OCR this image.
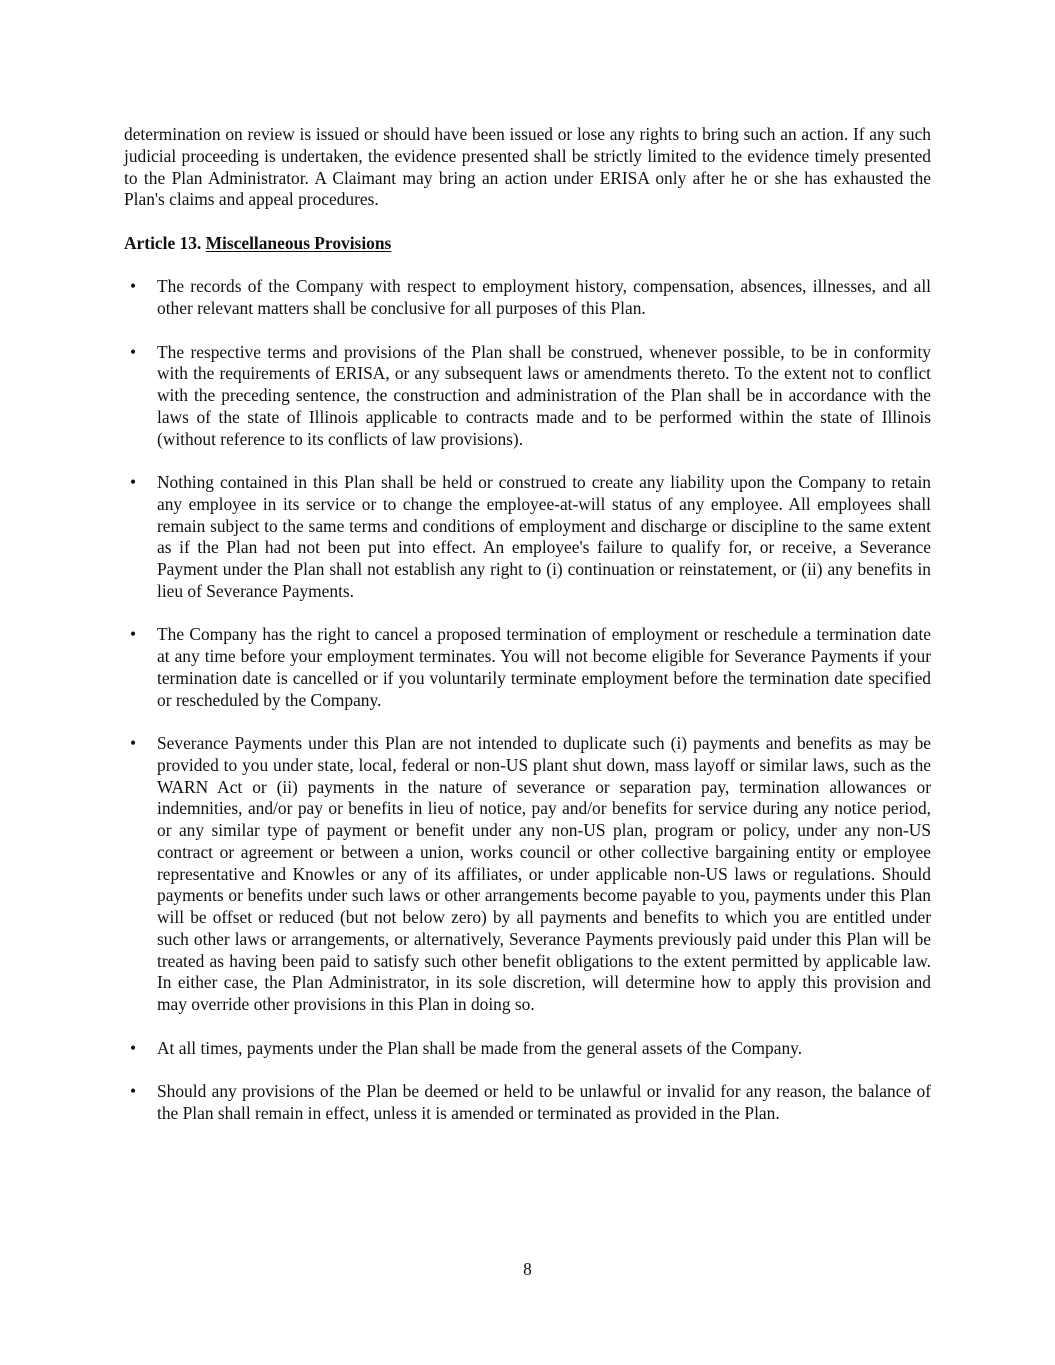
determination on review is issued or should have been issued or lose any rights to bring such an action. If any such judicial proceeding is undertaken, the evidence presented shall be strictly limited to the evidence timely presented to the Plan Administrator. A Claimant may bring an action under ERISA only after he or she has exhausted the Plan's claims and appeal procedures.

Article 13. Miscellaneous Provisions

• The records of the Company with respect to employment history, compensation, absences, illnesses, and all other relevant matters shall be conclusive for all purposes of this Plan.

• The respective terms and provisions of the Plan shall be construed, whenever possible, to be in conformity with the requirements of ERISA, or any subsequent laws or amendments thereto. To the extent not to conflict with the preceding sentence, the construction and administration of the Plan shall be in accordance with the laws of the state of Illinois applicable to contracts made and to be performed within the state of Illinois (without reference to its conflicts of law provisions).

• Nothing contained in this Plan shall be held or construed to create any liability upon the Company to retain any employee in its service or to change the employee-at-will status of any employee. All employees shall remain subject to the same terms and conditions of employment and discharge or discipline to the same extent as if the Plan had not been put into effect. An employee's failure to qualify for, or receive, a Severance Payment under the Plan shall not establish any right to (i) continuation or reinstatement, or (ii) any benefits in lieu of Severance Payments.

• The Company has the right to cancel a proposed termination of employment or reschedule a termination date at any time before your employment terminates. You will not become eligible for Severance Payments if your termination date is cancelled or if you voluntarily terminate employment before the termination date specified or rescheduled by the Company.

• Severance Payments under this Plan are not intended to duplicate such (i) payments and benefits as may be provided to you under state, local, federal or non-US plant shut down, mass layoff or similar laws, such as the WARN Act or (ii) payments in the nature of severance or separation pay, termination allowances or indemnities, and/or pay or benefits in lieu of notice, pay and/or benefits for service during any notice period, or any similar type of payment or benefit under any non-US plan, program or policy, under any non-US contract or agreement or between a union, works council or other collective bargaining entity or employee representative and Knowles or any of its affiliates, or under applicable non-US laws or regulations. Should payments or benefits under such laws or other arrangements become payable to you, payments under this Plan will be offset or reduced (but not below zero) by all payments and benefits to which you are entitled under such other laws or arrangements, or alternatively, Severance Payments previously paid under this Plan will be treated as having been paid to satisfy such other benefit obligations to the extent permitted by applicable law. In either case, the Plan Administrator, in its sole discretion, will determine how to apply this provision and may override other provisions in this Plan in doing so.

• At all times, payments under the Plan shall be made from the general assets of the Company.

• Should any provisions of the Plan be deemed or held to be unlawful or invalid for any reason, the balance of the Plan shall remain in effect, unless it is amended or terminated as provided in the Plan.

8
